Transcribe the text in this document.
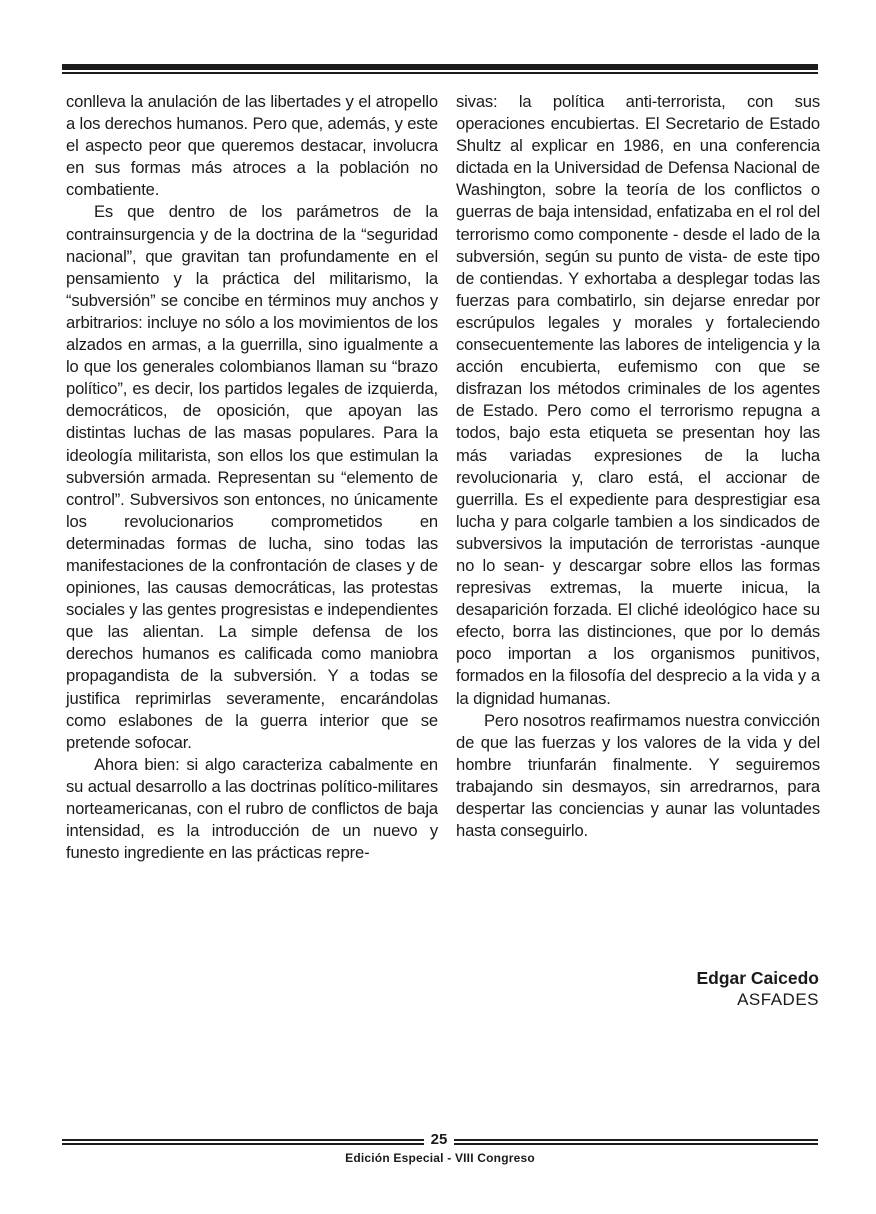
conlleva la anulación de las libertades y el atropello a los derechos humanos. Pero que, además, y este el aspecto peor que queremos destacar, involucra en sus formas más atroces a la población no combatiente.

Es que dentro de los parámetros de la contrainsurgencia y de la doctrina de la “seguridad nacional”, que gravitan tan profundamente en el pensamiento y la práctica del militarismo, la “subversión” se concibe en términos muy anchos y arbitrarios: incluye no sólo a los movimientos de los alzados en armas, a la guerrilla, sino igualmente a lo que los generales colombianos llaman su “brazo político”, es decir, los partidos legales de izquierda, democráticos, de oposición, que apoyan las distintas luchas de las masas populares. Para la ideología militarista, son ellos los que estimulan la subversión armada. Representan su “elemento de control”. Subversivos son entonces, no únicamente los revolucionarios comprometidos en determinadas formas de lucha, sino todas las manifestaciones de la confrontación de clases y de opiniones, las causas democráticas, las protestas sociales y las gentes progresistas e independientes que las alientan. La simple defensa de los derechos humanos es calificada como maniobra propagandista de la subversión. Y a todas se justifica reprimirlas severamente, encarándolas como eslabones de la guerra interior que se pretende sofocar.

Ahora bien: si algo caracteriza cabalmente en su actual desarrollo a las doctrinas político-militares norteamericanas, con el rubro de conflictos de baja intensidad, es la introducción de un nuevo y funesto ingrediente en las prácticas repre-

sivas: la política anti-terrorista, con sus operaciones encubiertas. El Secretario de Estado Shultz al explicar en 1986, en una conferencia dictada en la Universidad de Defensa Nacional de Washington, sobre la teoría de los conflictos o guerras de baja intensidad, enfatizaba en el rol del terrorismo como componente - desde el lado de la subversión, según su punto de vista- de este tipo de contiendas. Y exhortaba a desplegar todas las fuerzas para combatirlo, sin dejarse enredar por escrúpulos legales y morales y fortaleciendo consecuentemente las labores de inteligencia y la acción encubierta, eufemismo con que se disfrazan los métodos criminales de los agentes de Estado. Pero como el terrorismo repugna a todos, bajo esta etiqueta se presentan hoy las más variadas expresiones de la lucha revolucionaria y, claro está, el accionar de guerrilla. Es el expediente para desprestigiar esa lucha y para colgarle tambien a los sindicados de subversivos la imputación de terroristas -aunque no lo sean- y descargar sobre ellos las formas represivas extremas, la muerte inicua, la desaparición forzada. El cliché ideológico hace su efecto, borra las distinciones, que por lo demás poco importan a los organismos punitivos, formados en la filosofía del desprecio a la vida y a la dignidad humanas.

Pero nosotros reafirmamos nuestra convicción de que las fuerzas y los valores de la vida y del hombre triunfarán finalmente. Y seguiremos trabajando sin desmayos, sin arredrarnos, para despertar las conciencias y aunar las voluntades hasta conseguirlo.

Edgar Caicedo
ASFADES
25
Edición Especial - VIII Congreso
